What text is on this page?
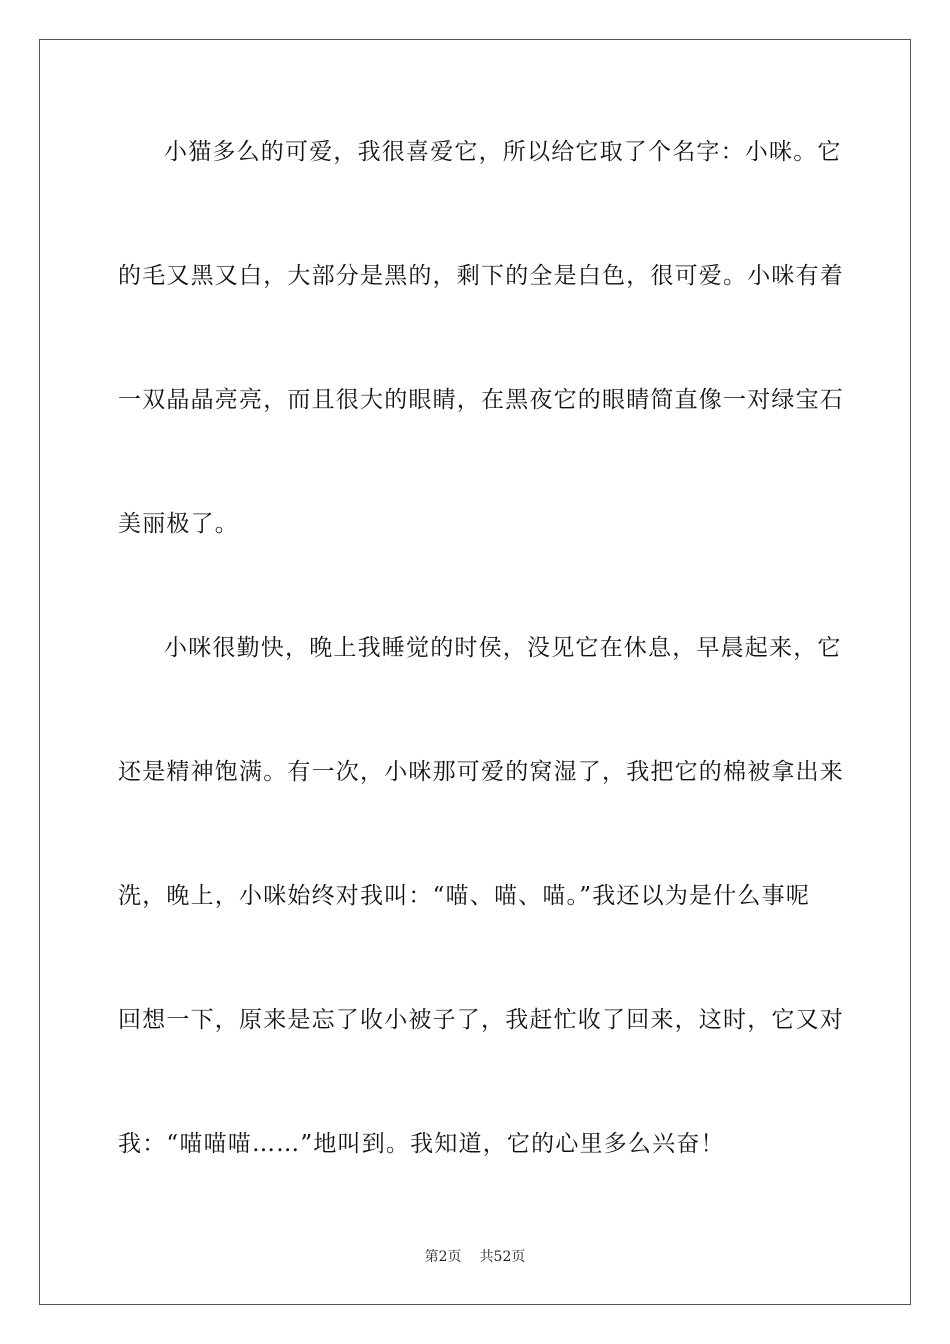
小猫多么的可爱，我很喜爱它，所以给它取了个名字：小咪。它
的毛又黑又白，大部分是黑的，剩下的全是白色，很可爱。小咪有着
一双晶晶亮亮，而且很大的眼睛，在黑夜它的眼睛简直像一对绿宝石
美丽极了。
小咪很勤快，晚上我睡觉的时侯，没见它在休息，早晨起来，它
还是精神饱满。有一次，小咪那可爱的窝湿了，我把它的棉被拿出来
洗，晚上，小咪始终对我叫：“喵、喵、喵。”我还以为是什么事呢
回想一下，原来是忘了收小被子了，我赶忙收了回来，这时，它又对
我：“喵喵喵……”地叫到。我知道，它的心里多么兴奋！
第2页 共52页
